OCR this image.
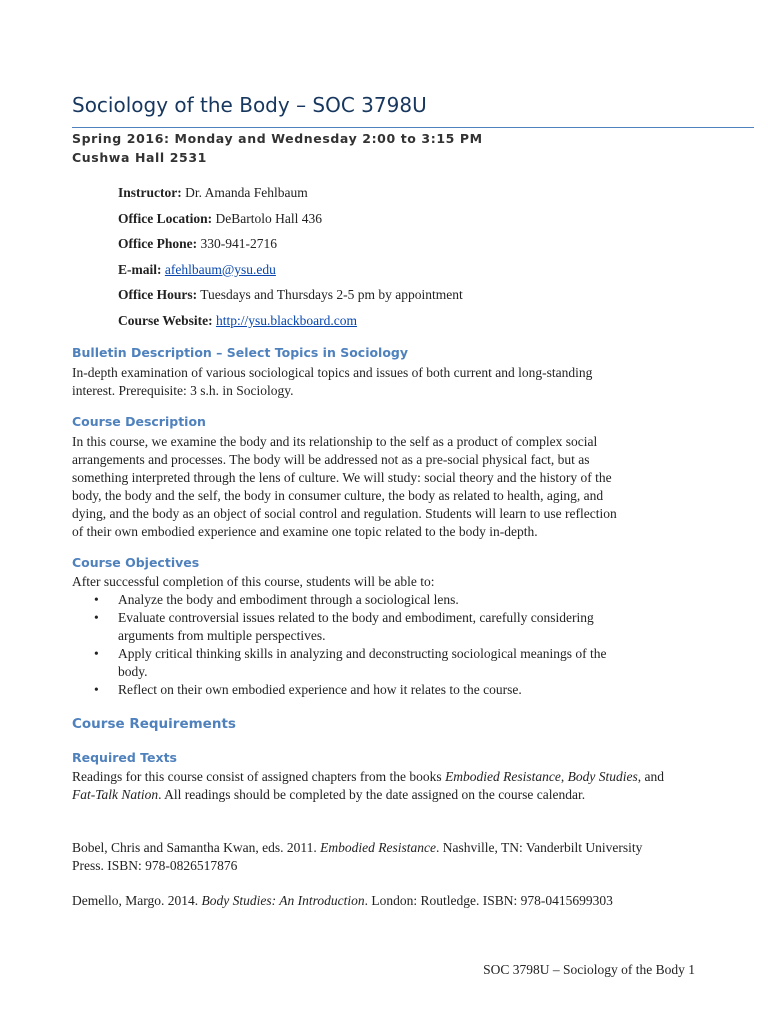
Sociology of the Body – SOC 3798U
Spring 2016: Monday and Wednesday 2:00 to 3:15 PM
Cushwa Hall 2531
Instructor: Dr. Amanda Fehlbaum
Office Location: DeBartolo Hall 436
Office Phone: 330-941-2716
E-mail: afehlbaum@ysu.edu
Office Hours: Tuesdays and Thursdays 2-5 pm by appointment
Course Website: http://ysu.blackboard.com
Bulletin Description – Select Topics in Sociology

In-depth examination of various sociological topics and issues of both current and long-standing
interest. Prerequisite: 3 s.h. in Sociology.

Course Description

In this course, we examine the body and its relationship to the self as a product of complex social
arrangements and processes. The body will be addressed not as a pre-social physical fact, but as
something interpreted through the lens of culture. We will study: social theory and the history of the
body, the body and the self, the body in consumer culture, the body as related to health, aging, and
dying, and the body as an object of social control and regulation. Students will learn to use reflection
of their own embodied experience and examine one topic related to the body in-depth.

Course Objectives

After successful completion of this course, students will be able to:

• Analyze the body and embodiment through a sociological lens.
• Evaluate controversial issues related to the body and embodiment, carefully considering
arguments from multiple perspectives.
• Apply critical thinking skills in analyzing and deconstructing sociological meanings of the
body.
• Reflect on their own embodied experience and how it relates to the course.
Course Requirements
Required Texts

Readings for this course consist of assigned chapters from the books Embodied Resistance, Body Studies, and Fat-Talk Nation. All readings should be completed by the date assigned on the course calendar.

Bobel, Chris and Samantha Kwan, eds. 2011. Embodied Resistance. Nashville, TN: Vanderbilt University Press. ISBN: 978-0826517876

Demello, Margo. 2014. Body Studies: An Introduction. London: Routledge. ISBN: 978-0415699303

SOC 3798U – Sociology of the Body 1
